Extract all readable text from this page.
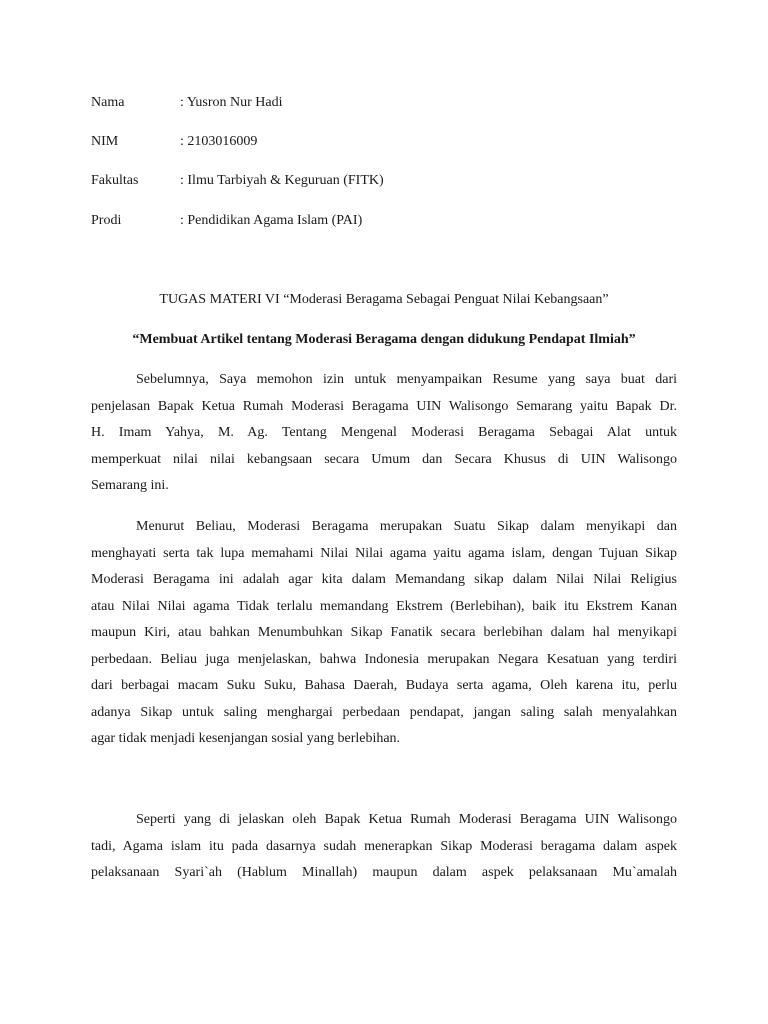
Nama	: Yusron Nur Hadi
NIM	: 2103016009
Fakultas	: Ilmu Tarbiyah & Keguruan (FITK)
Prodi	: Pendidikan Agama Islam (PAI)
TUGAS MATERI VI “Moderasi Beragama Sebagai Penguat Nilai Kebangsaan”
“Membuat Artikel tentang Moderasi Beragama dengan didukung Pendapat Ilmiah”
Sebelumnya, Saya memohon izin untuk menyampaikan Resume yang saya buat dari
penjelasan Bapak Ketua Rumah Moderasi Beragama UIN Walisongo Semarang yaitu Bapak Dr.
H. Imam Yahya, M. Ag. Tentang Mengenal Moderasi Beragama Sebagai Alat untuk
memperkuat nilai nilai kebangsaan secara Umum dan Secara Khusus di UIN Walisongo
Semarang ini.
Menurut Beliau, Moderasi Beragama merupakan Suatu Sikap dalam menyikapi dan
menghayati serta tak lupa memahami Nilai Nilai agama yaitu agama islam, dengan Tujuan Sikap
Moderasi Beragama ini adalah agar kita dalam Memandang sikap dalam Nilai Nilai Religius
atau Nilai Nilai agama Tidak terlalu memandang Ekstrem (Berlebihan), baik itu Ekstrem Kanan
maupun Kiri, atau bahkan Menumbuhkan Sikap Fanatik secara berlebihan dalam hal menyikapi
perbedaan. Beliau juga menjelaskan, bahwa Indonesia merupakan Negara Kesatuan yang terdiri
dari berbagai macam Suku Suku, Bahasa Daerah, Budaya serta agama, Oleh karena itu, perlu
adanya Sikap untuk saling menghargai perbedaan pendapat, jangan saling salah menyalahkan
agar tidak menjadi kesenjangan sosial yang berlebihan.
Seperti yang di jelaskan oleh Bapak Ketua Rumah Moderasi Beragama UIN Walisongo
tadi, Agama islam itu pada dasarnya sudah menerapkan Sikap Moderasi beragama dalam aspek
pelaksanaan Syari`ah (Hablum Minallah) maupun dalam aspek pelaksanaan Mu`amalah
